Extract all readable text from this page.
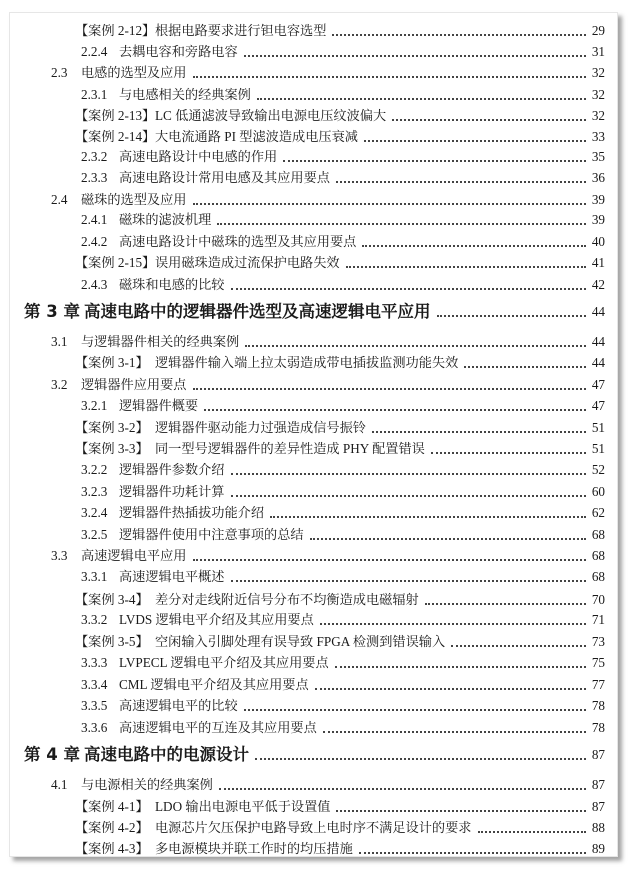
【案例 2-12】 根据电路要求进行钽电容选型	29
2.2.4 去耦电容和旁路电容	31
2.3	电感的选型及应用	32
2.3.1 与电感相关的经典案例	32
【案例 2-13】 LC 低通滤波导致输出电源电压纹波偏大	32
【案例 2-14】 大电流通路 PI 型滤波造成电压衰减	33
2.3.2 高速电路设计中电感的作用	35
2.3.3 高速电路设计常用电感及其应用要点	36
2.4	磁珠的选型及应用	39
2.4.1 磁珠的滤波机理	39
2.4.2 高速电路设计中磁珠的选型及其应用要点	40
【案例 2-15】 误用磁珠造成过流保护电路失效	41
2.4.3 磁珠和电感的比较	42
第 3 章 高速电路中的逻辑器件选型及高速逻辑电平应用	44
3.1	与逻辑器件相关的经典案例	44
【案例 3-1】 逻辑器件输入端上拉太弱造成带电插拔监测功能失效	44
3.2	逻辑器件应用要点	47
3.2.1 逻辑器件概要	47
【案例 3-2】 逻辑器件驱动能力过强造成信号振铃	51
【案例 3-3】 同一型号逻辑器件的差异性造成 PHY 配置错误	51
3.2.2 逻辑器件参数介绍	52
3.2.3 逻辑器件功耗计算	60
3.2.4 逻辑器件热插拔功能介绍	62
3.2.5 逻辑器件使用中注意事项的总结	68
3.3	高速逻辑电平应用	68
3.3.1 高速逻辑电平概述	68
【案例 3-4】 差分对走线附近信号分布不均衡造成电磁辐射	70
3.3.2 LVDS 逻辑电平介绍及其应用要点	71
【案例 3-5】 空闲输入引脚处理有误导致 FPGA 检测到错误输入	73
3.3.3 LVPECL 逻辑电平介绍及其应用要点	75
3.3.4 CML 逻辑电平介绍及其应用要点	77
3.3.5 高速逻辑电平的比较	78
3.3.6 高速逻辑电平的互连及其应用要点	78
第 4 章 高速电路中的电源设计	87
4.1	与电源相关的经典案例	87
【案例 4-1】 LDO 输出电源电平低于设置值	87
【案例 4-2】 电源芯片欠压保护电路导致上电时序不满足设计的要求	88
【案例 4-3】 多电源模块并联工作时的均压措施	89
